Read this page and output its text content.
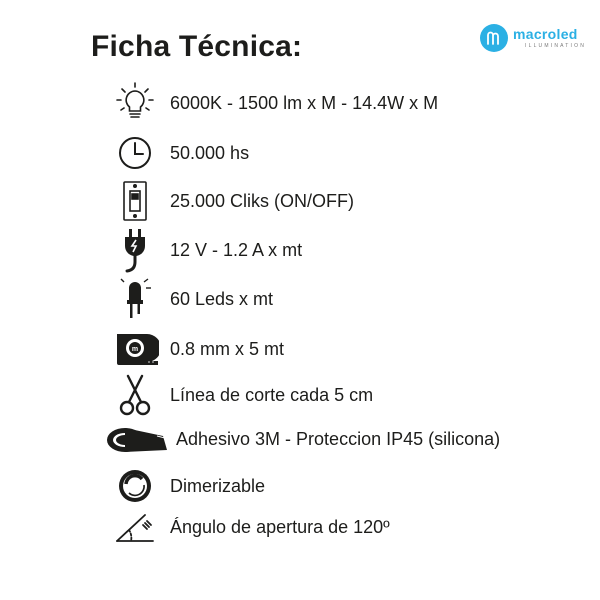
Ficha Técnica:	macroled
ILLUMINATION
6000K - 1500 lm x M - 14.4W x M
50.000 hs
25.000 Cliks (ON/OFF)
12 V - 1.2 A x mt
60 Leds x mt
m 0.8 mm x 5 mt
Línea de corte cada 5 cm
Adhesivo 3M - Proteccion IP45 (silicona)
Dimerizable
Ángulo de apertura de 120º
